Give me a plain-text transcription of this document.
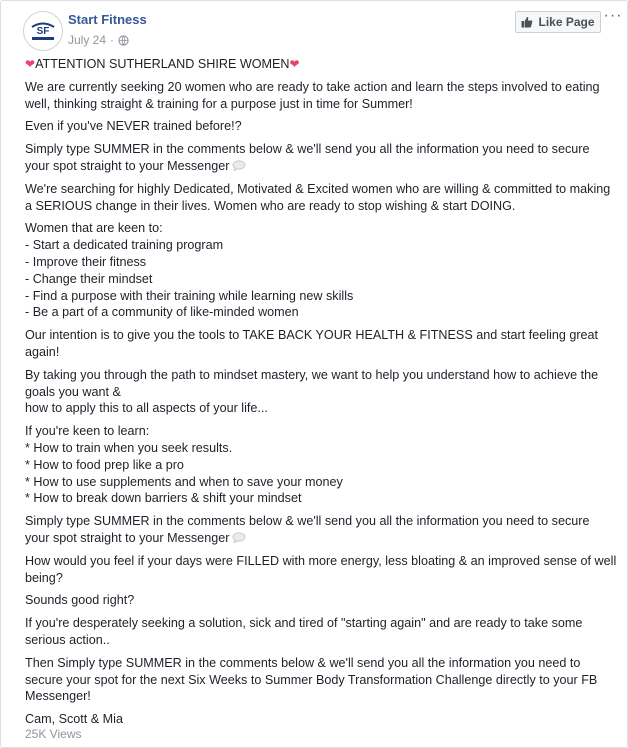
SF
Start Fitness
July 24 ·
Like Page ···

❤ATTENTION SUTHERLAND SHIRE WOMEN❤

We are currently seeking 20 women who are ready to take action and learn the steps involved to eating well, thinking straight & training for a purpose just in time for Summer!

Even if you've NEVER trained before!?

Simply type SUMMER in the comments below & we'll send you all the information you need to secure your spot straight to your Messenger

We're searching for highly Dedicated, Motivated & Excited women who are willing & committed to making a SERIOUS change in their lives. Women who are ready to stop wishing & start DOING.

Women that are keen to:
- Start a dedicated training program
- Improve their fitness
- Change their mindset
- Find a purpose with their training while learning new skills
- Be a part of a community of like-minded women

Our intention is to give you the tools to TAKE BACK YOUR HEALTH & FITNESS and start feeling great again!

By taking you through the path to mindset mastery, we want to help you understand how to achieve the goals you want &
how to apply this to all aspects of your life...

If you're keen to learn:
* How to train when you seek results.
* How to food prep like a pro
* How to use supplements and when to save your money
* How to break down barriers & shift your mindset

Simply type SUMMER in the comments below & we'll send you all the information you need to secure your spot straight to your Messenger

How would you feel if your days were FILLED with more energy, less bloating & an improved sense of well being?

Sounds good right?

If you're desperately seeking a solution, sick and tired of "starting again" and are ready to take some serious action..

Then Simply type SUMMER in the comments below & we'll send you all the information you need to secure your spot for the next Six Weeks to Summer Body Transformation Challenge directly to your FB Messenger!

Cam, Scott & Mia

25K Views
